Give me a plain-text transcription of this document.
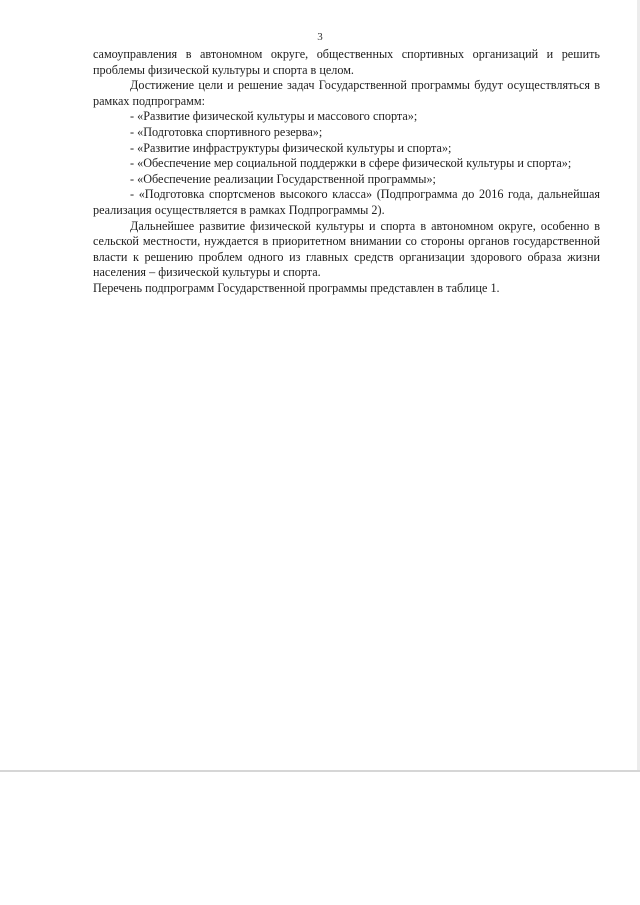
3

самоуправления в автономном округе, общественных спортивных организаций и решить проблемы физической культуры и спорта в целом.

Достижение цели и решение задач Государственной программы будут осуществляться в рамках подпрограмм:

- «Развитие физической культуры и массового спорта»;

- «Подготовка спортивного резерва»;

- «Развитие инфраструктуры физической культуры и спорта»;

- «Обеспечение мер социальной поддержки в сфере физической культуры и спорта»;

- «Обеспечение реализации Государственной программы»;

- «Подготовка спортсменов высокого класса» (Подпрограмма до 2016 года, дальнейшая реализация осуществляется в рамках Подпрограммы 2).

Дальнейшее развитие физической культуры и спорта в автономном округе, особенно в сельской местности, нуждается в приоритетном внимании со стороны органов государственной власти к решению проблем одного из главных средств организации здорового образа жизни населения – физической культуры и спорта.

Перечень подпрограмм Государственной программы представлен в таблице 1.
